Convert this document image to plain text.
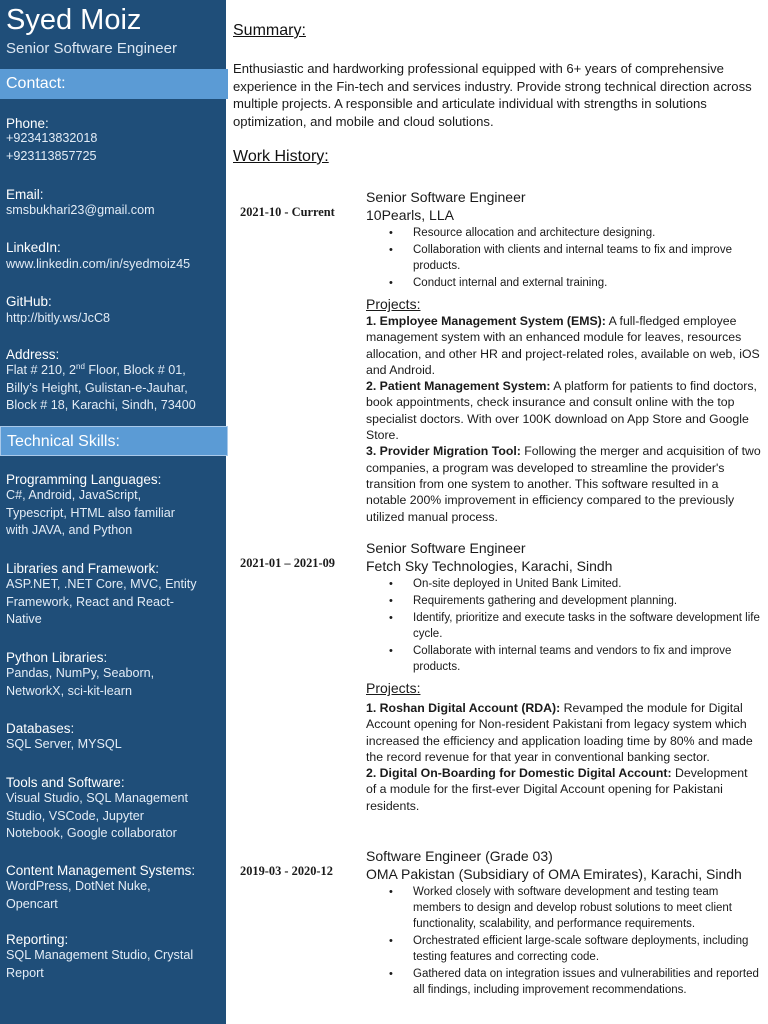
Syed Moiz
Senior Software Engineer
Contact:
Phone:
+923413832018
+923113857725
Email:
smsbukhari23@gmail.com
LinkedIn:
www.linkedin.com/in/syedmoiz45
GitHub:
http://bitly.ws/JcC8
Address:
Flat # 210, 2nd Floor, Block # 01,
Billy’s Height, Gulistan-e-Jauhar,
Block # 18, Karachi, Sindh, 73400
Technical Skills:
Programming Languages:
C#, Android, JavaScript,
Typescript, HTML also familiar
with JAVA, and Python
Libraries and Framework:
ASP.NET, .NET Core, MVC, Entity
Framework, React and React-
Native
Python Libraries:
Pandas, NumPy, Seaborn,
NetworkX, sci-kit-learn
Databases:
SQL Server, MYSQL
Tools and Software:
Visual Studio, SQL Management
Studio, VSCode, Jupyter
Notebook, Google collaborator
Content Management Systems:
WordPress, DotNet Nuke,
Opencart
Reporting:
SQL Management Studio, Crystal
Report
Summary:

Enthusiastic and hardworking professional equipped with 6+ years of comprehensive experience in the Fin-tech and services industry. Provide strong technical direction across multiple projects. A responsible and articulate individual with strengths in solutions optimization, and mobile and cloud solutions.

Work History:
2021-10 - Current
Senior Software Engineer
10Pearls, LLA
• Resource allocation and architecture designing.
• Collaboration with clients and internal teams to fix and improve products.
• Conduct internal and external training.
Projects:
1. Employee Management System (EMS): A full-fledged employee management system with an enhanced module for leaves, resources allocation, and other HR and project-related roles, available on web, iOS and Android.
2. Patient Management System: A platform for patients to find doctors, book appointments, check insurance and consult online with the top specialist doctors. With over 100K download on App Store and Google Store.
3. Provider Migration Tool: Following the merger and acquisition of two companies, a program was developed to streamline the provider's transition from one system to another. This software resulted in a notable 200% improvement in efficiency compared to the previously utilized manual process.
2021-01 – 2021-09
Senior Software Engineer
Fetch Sky Technologies, Karachi, Sindh
• On-site deployed in United Bank Limited.
• Requirements gathering and development planning.
• Identify, prioritize and execute tasks in the software development life cycle.
• Collaborate with internal teams and vendors to fix and improve products.
Projects:
1. Roshan Digital Account (RDA): Revamped the module for Digital Account opening for Non-resident Pakistani from legacy system which increased the efficiency and application loading time by 80% and made the record revenue for that year in conventional banking sector.
2. Digital On-Boarding for Domestic Digital Account: Development of a module for the first-ever Digital Account opening for Pakistani residents.
2019-03 - 2020-12
Software Engineer (Grade 03)
OMA Pakistan (Subsidiary of OMA Emirates), Karachi, Sindh
• Worked closely with software development and testing team members to design and develop robust solutions to meet client functionality, scalability, and performance requirements.
• Orchestrated efficient large-scale software deployments, including testing features and correcting code.
• Gathered data on integration issues and vulnerabilities and reported all findings, including improvement recommendations.
